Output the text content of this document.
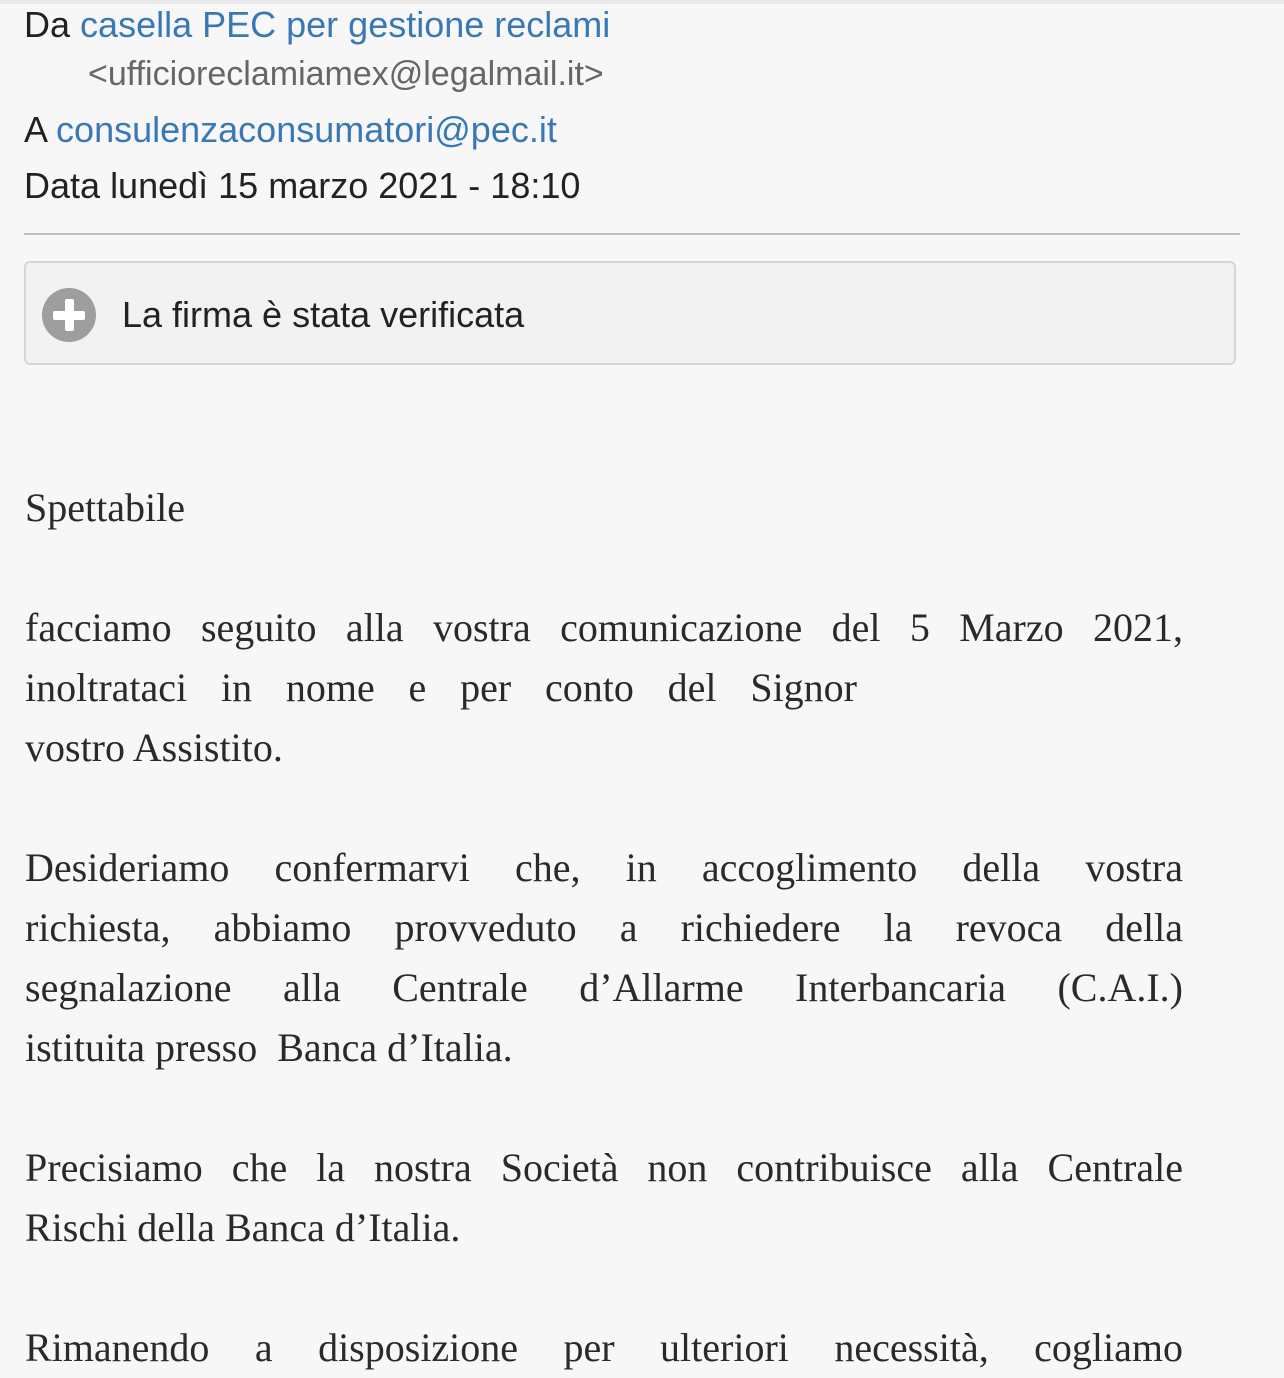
Da casella PEC per gestione reclami
<ufficioreclamiamex@legalmail.it>
A consulenzaconsumatori@pec.it
Data lunedì 15 marzo 2021 - 18:10
La firma è stata verificata

Spettabile

facciamo seguito alla vostra comunicazione del 5 Marzo 2021,
inoltrataci in nome e per conto del Signor
vostro Assistito.

Desideriamo confermarvi che, in accoglimento della vostra
richiesta, abbiamo provveduto a richiedere la revoca della
segnalazione alla Centrale d’Allarme Interbancaria (C.A.I.)
istituita presso  Banca d’Italia.

Precisiamo che la nostra Società non contribuisce alla Centrale
Rischi della Banca d’Italia.

Rimanendo a disposizione per ulteriori necessità, cogliamo
